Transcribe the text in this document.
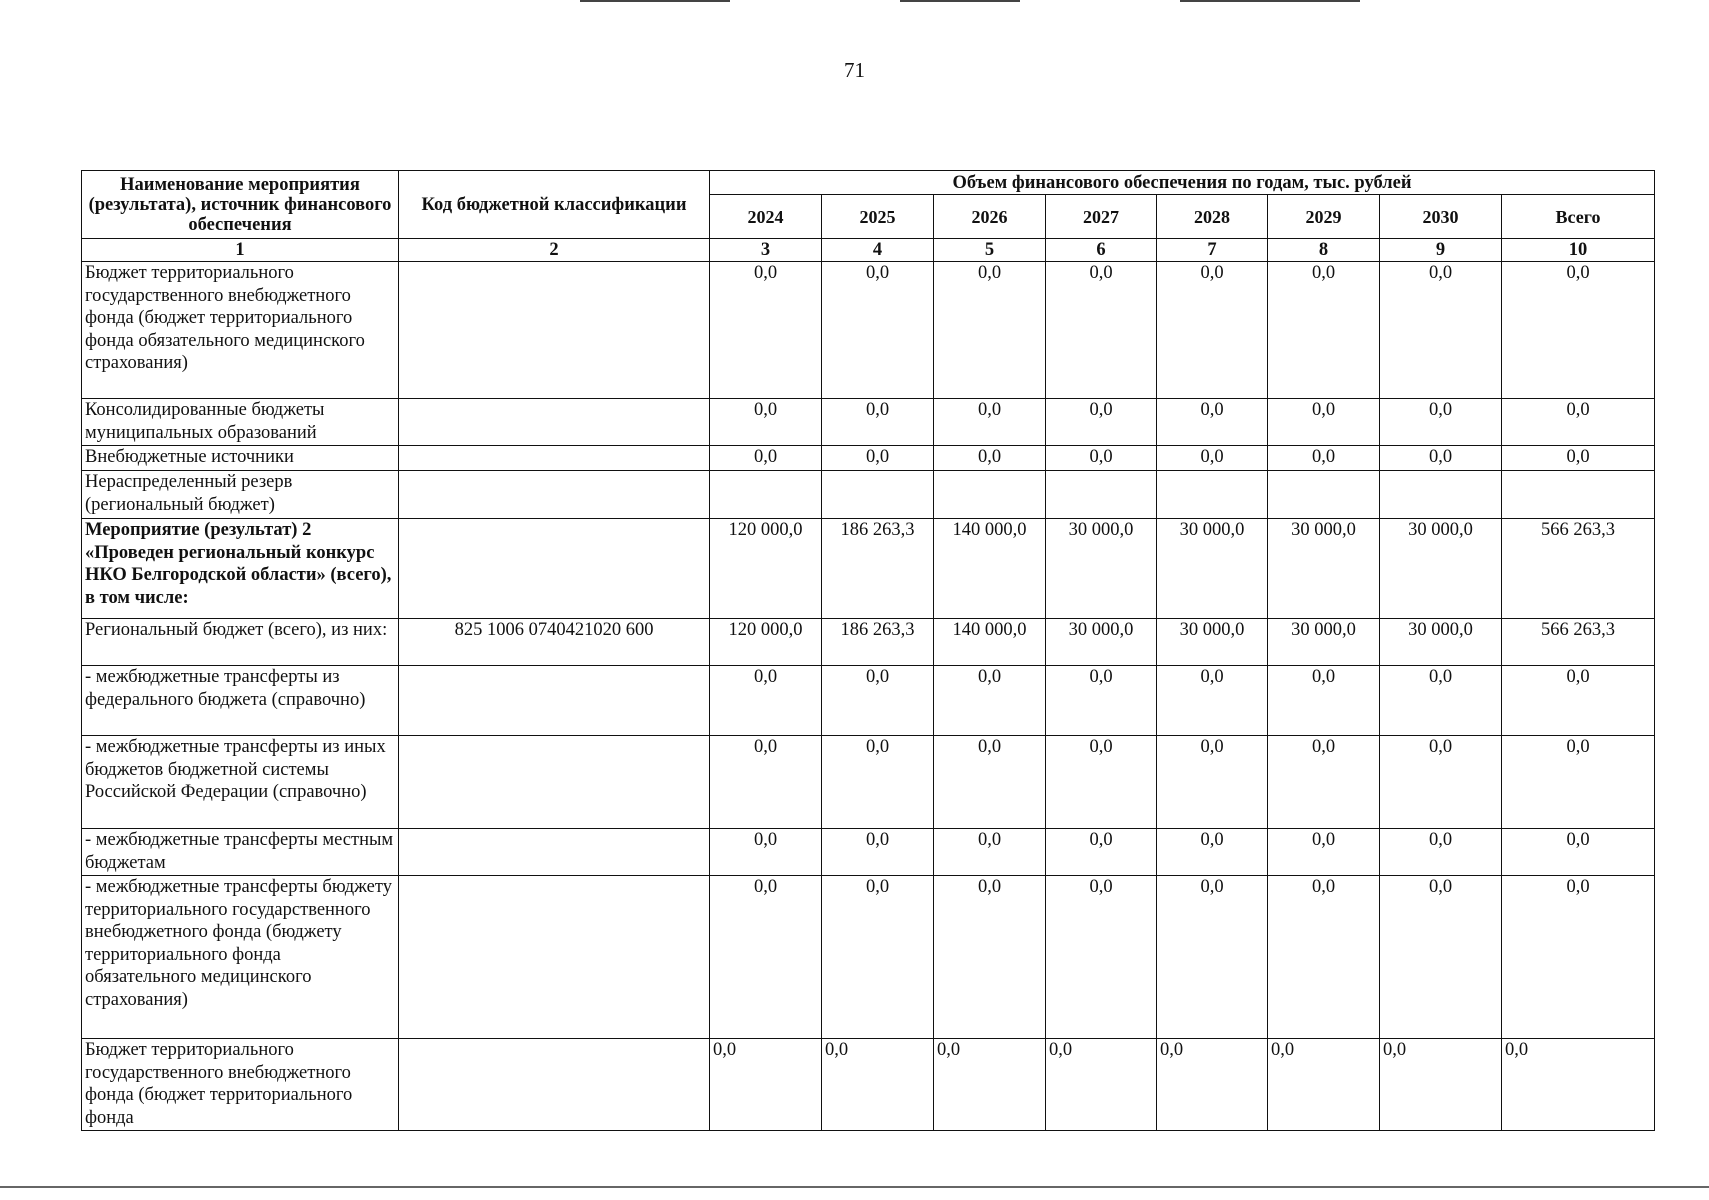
71
Наименование мероприятия (результата), источник финансового обеспечения	Код бюджетной классификации	Объем финансового обеспечения по годам, тыс. рублей							
		2024	2025	2026	2027	2028	2029	2030	Всего
1	2	3	4	5	6	7	8	9	10
Бюджет территориального государственного внебюджетного фонда (бюджет территориального фонда обязательного медицинского страхования)		0,0	0,0	0,0	0,0	0,0	0,0	0,0	0,0
Консолидированные бюджеты муниципальных образований		0,0	0,0	0,0	0,0	0,0	0,0	0,0	0,0
Внебюджетные источники		0,0	0,0	0,0	0,0	0,0	0,0	0,0	0,0
Нераспределенный резерв (региональный бюджет)									
Мероприятие (результат) 2 «Проведен региональный конкурс НКО Белгородской области» (всего), в том числе:		120 000,0	186 263,3	140 000,0	30 000,0	30 000,0	30 000,0	30 000,0	566 263,3
Региональный бюджет (всего), из них:	825 1006 0740421020 600	120 000,0	186 263,3	140 000,0	30 000,0	30 000,0	30 000,0	30 000,0	566 263,3
- межбюджетные трансферты из федерального бюджета (справочно)		0,0	0,0	0,0	0,0	0,0	0,0	0,0	0,0
- межбюджетные трансферты из иных бюджетов бюджетной системы Российской Федерации (справочно)		0,0	0,0	0,0	0,0	0,0	0,0	0,0	0,0
- межбюджетные трансферты местным бюджетам		0,0	0,0	0,0	0,0	0,0	0,0	0,0	0,0
- межбюджетные трансферты бюджету территориального государственного внебюджетного фонда (бюджету территориального фонда обязательного медицинского страхования)		0,0	0,0	0,0	0,0	0,0	0,0	0,0	0,0
Бюджет территориального государственного внебюджетного фонда (бюджет территориального фонда		0,0	0,0	0,0	0,0	0,0	0,0	0,0	0,0
